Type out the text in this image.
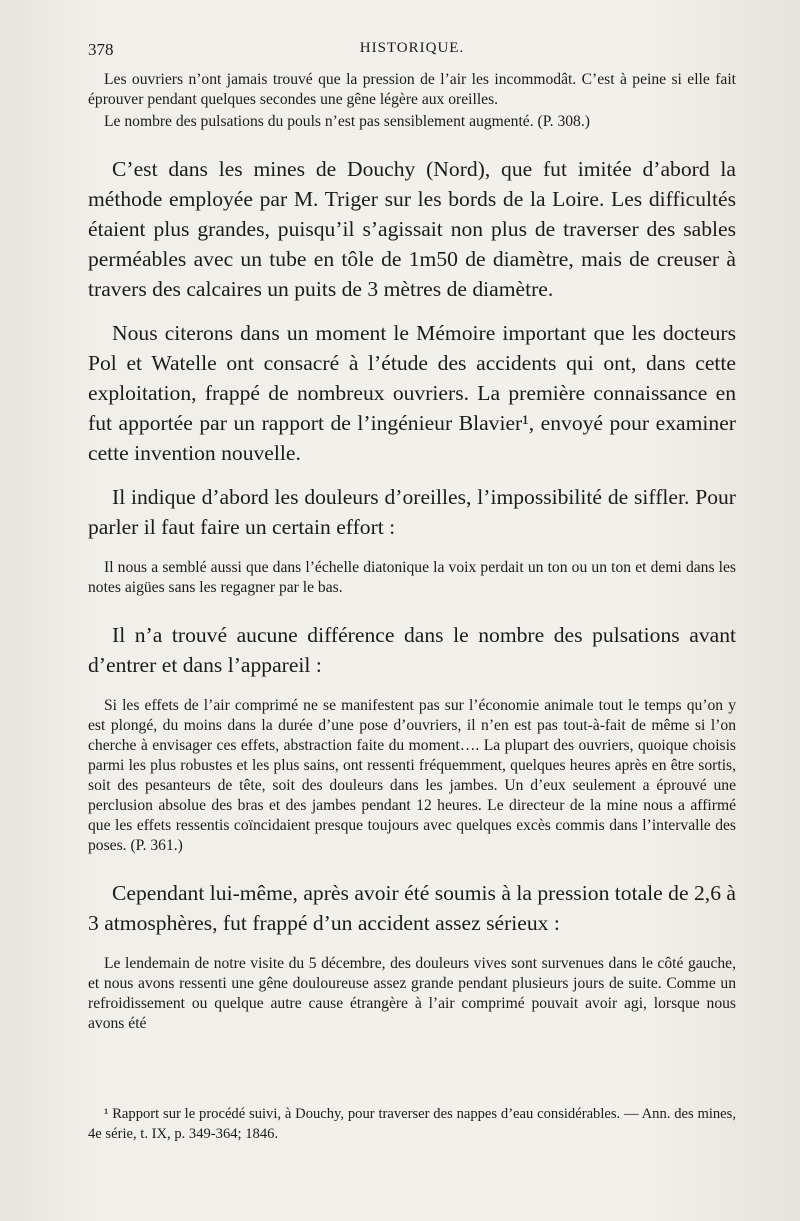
378	HISTORIQUE.

Les ouvriers n’ont jamais trouvé que la pression de l’air les incommodât. C’est à peine si elle fait éprouver pendant quelques secondes une gêne légère aux oreilles.

Le nombre des pulsations du pouls n’est pas sensiblement augmenté. (P. 308.)

C’est dans les mines de Douchy (Nord), que fut imitée d’abord la méthode employée par M. Triger sur les bords de la Loire. Les difficultés étaient plus grandes, puisqu’il s’agissait non plus de traverser des sables perméables avec un tube en tôle de 1m50 de diamètre, mais de creuser à travers des calcaires un puits de 3 mètres de diamètre.

Nous citerons dans un moment le Mémoire important que les docteurs Pol et Watelle ont consacré à l’étude des accidents qui ont, dans cette exploitation, frappé de nombreux ouvriers. La première connaissance en fut apportée par un rapport de l’ingénieur Blavier¹, envoyé pour examiner cette invention nouvelle.

Il indique d’abord les douleurs d’oreilles, l’impossibilité de siffler. Pour parler il faut faire un certain effort :

Il nous a semblé aussi que dans l’échelle diatonique la voix perdait un ton ou un ton et demi dans les notes aigües sans les regagner par le bas.

Il n’a trouvé aucune différence dans le nombre des pulsations avant d’entrer et dans l’appareil :

Si les effets de l’air comprimé ne se manifestent pas sur l’économie animale tout le temps qu’on y est plongé, du moins dans la durée d’une pose d’ouvriers, il n’en est pas tout-à-fait de même si l’on cherche à envisager ces effets, abstraction faite du moment…. La plupart des ouvriers, quoique choisis parmi les plus robustes et les plus sains, ont ressenti fréquemment, quelques heures après en être sortis, soit des pesanteurs de tête, soit des douleurs dans les jambes. Un d’eux seulement a éprouvé une perclusion absolue des bras et des jambes pendant 12 heures. Le directeur de la mine nous a affirmé que les effets ressentis coïncidaient presque toujours avec quelques excès commis dans l’intervalle des poses. (P. 361.)

Cependant lui-même, après avoir été soumis à la pression totale de 2,6 à 3 atmosphères, fut frappé d’un accident assez sérieux :

Le lendemain de notre visite du 5 décembre, des douleurs vives sont survenues dans le côté gauche, et nous avons ressenti une gêne douloureuse assez grande pendant plusieurs jours de suite. Comme un refroidissement ou quelque autre cause étrangère à l’air comprimé pouvait avoir agi, lorsque nous avons été

¹ Rapport sur le procédé suivi, à Douchy, pour traverser des nappes d’eau considérables. — Ann. des mines, 4e série, t. IX, p. 349-364; 1846.
